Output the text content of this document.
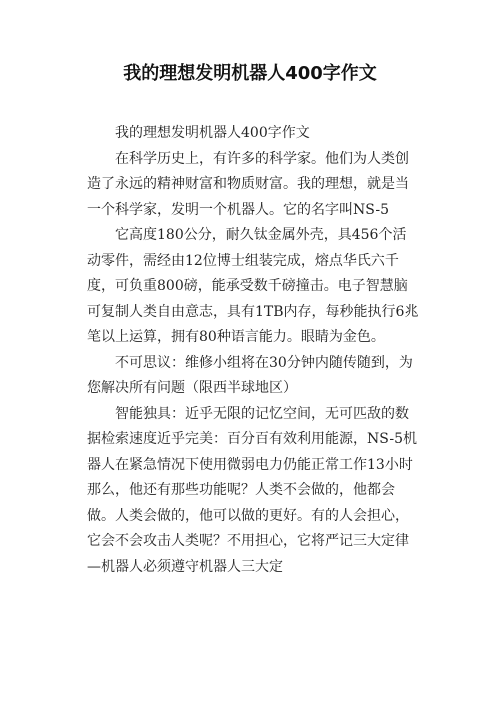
我的理想发明机器人400字作文

我的理想发明机器人400字作文

在科学历史上，有许多的科学家。他们为人类创造了永远的精神财富和物质财富。我的理想，就是当一个科学家，发明一个机器人。它的名字叫NS-5

它高度180公分，耐久钛金属外壳，具456个活动零件，需经由12位博士组装完成，熔点华氏六千度，可负重800磅，能承受数千磅撞击。电子智慧脑可复制人类自由意志，具有1TB内存，每秒能执行6兆笔以上运算，拥有80种语言能力。眼睛为金色。

不可思议：维修小组将在30分钟内随传随到，为您解决所有问题（限西半球地区）

智能独具：近乎无限的记忆空间，无可匹敌的数据检索速度近乎完美：百分百有效利用能源，NS-5机器人在紧急情况下使用微弱电力仍能正常工作13小时那么，他还有那些功能呢？人类不会做的，他都会做。人类会做的，他可以做的更好。有的人会担心，它会不会攻击人类呢？不用担心，它将严记三大定律—机器人必须遵守机器人三大定
